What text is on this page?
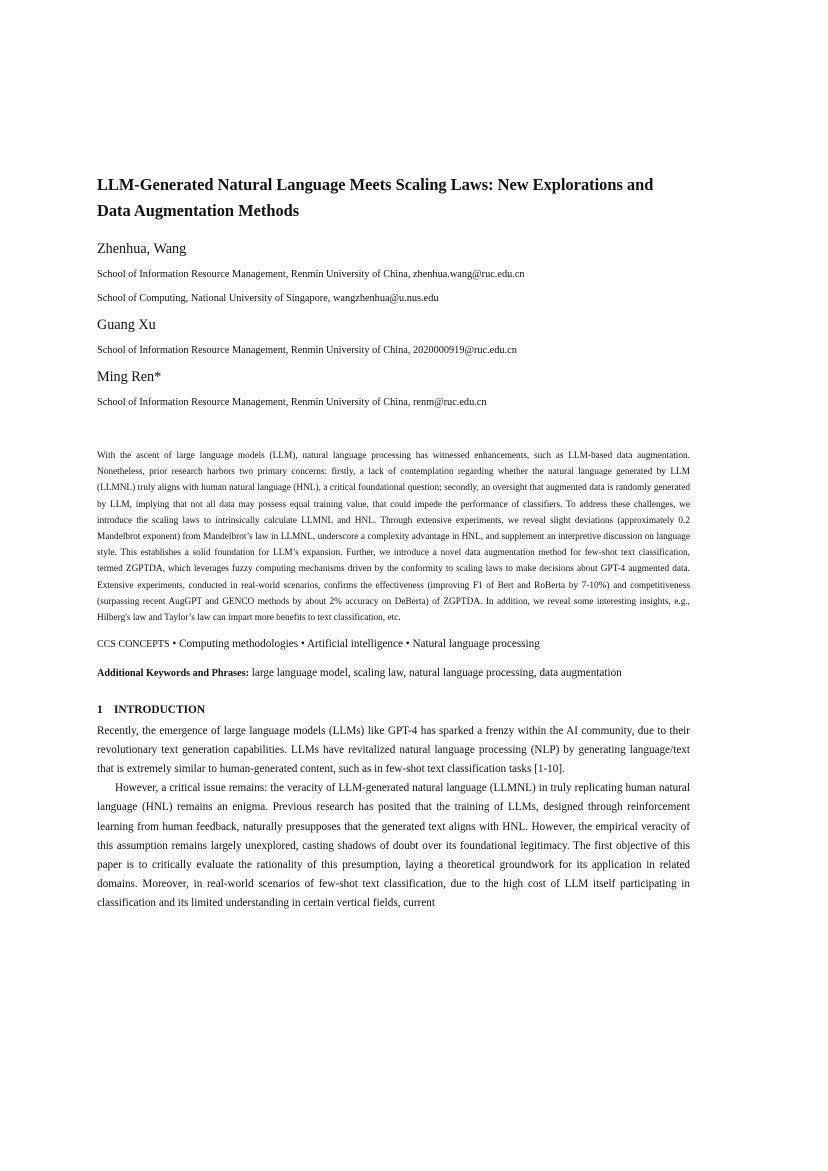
LLM-Generated Natural Language Meets Scaling Laws: New Explorations and Data Augmentation Methods
Zhenhua, Wang
School of Information Resource Management, Renmin University of China, zhenhua.wang@ruc.edu.cn
School of Computing, National University of Singapore, wangzhenhua@u.nus.edu
Guang Xu
School of Information Resource Management, Renmin University of China, 2020000919@ruc.edu.cn
Ming Ren*
School of Information Resource Management, Renmin University of China, renm@ruc.edu.cn

With the ascent of large language models (LLM), natural language processing has witnessed enhancements, such as LLM-based data augmentation. Nonetheless, prior research harbors two primary concerns: firstly, a lack of contemplation regarding whether the natural language generated by LLM (LLMNL) truly aligns with human natural language (HNL), a critical foundational question; secondly, an oversight that augmented data is randomly generated by LLM, implying that not all data may possess equal training value, that could impede the performance of classifiers. To address these challenges, we introduce the scaling laws to intrinsically calculate LLMNL and HNL. Through extensive experiments, we reveal slight deviations (approximately 0.2 Mandelbrot exponent) from Mandelbrot’s law in LLMNL, underscore a complexity advantage in HNL, and supplement an interpretive discussion on language style. This establishes a solid foundation for LLM’s expansion. Further, we introduce a novel data augmentation method for few-shot text classification, termed ZGPTDA, which leverages fuzzy computing mechanisms driven by the conformity to scaling laws to make decisions about GPT-4 augmented data. Extensive experiments, conducted in real-world scenarios, confirms the effectiveness (improving F1 of Bert and RoBerta by 7-10%) and competitiveness (surpassing recent AugGPT and GENCO methods by about 2% accuracy on DeBerta) of ZGPTDA. In addition, we reveal some interesting insights, e.g., Hilberg's law and Taylor’s law can impart more benefits to text classification, etc.

CCS CONCEPTS • Computing methodologies • Artificial intelligence • Natural language processing
Additional Keywords and Phrases: large language model, scaling law, natural language processing, data augmentation
1 INTRODUCTION

Recently, the emergence of large language models (LLMs) like GPT-4 has sparked a frenzy within the AI community, due to their revolutionary text generation capabilities. LLMs have revitalized natural language processing (NLP) by generating language/text that is extremely similar to human-generated content, such as in few-shot text classification tasks [1-10].

However, a critical issue remains: the veracity of LLM-generated natural language (LLMNL) in truly replicating human natural language (HNL) remains an enigma. Previous research has posited that the training of LLMs, designed through reinforcement learning from human feedback, naturally presupposes that the generated text aligns with HNL. However, the empirical veracity of this assumption remains largely unexplored, casting shadows of doubt over its foundational legitimacy. The first objective of this paper is to critically evaluate the rationality of this presumption, laying a theoretical groundwork for its application in related domains. Moreover, in real-world scenarios of few-shot text classification, due to the high cost of LLM itself participating in classification and its limited understanding in certain vertical fields, current
